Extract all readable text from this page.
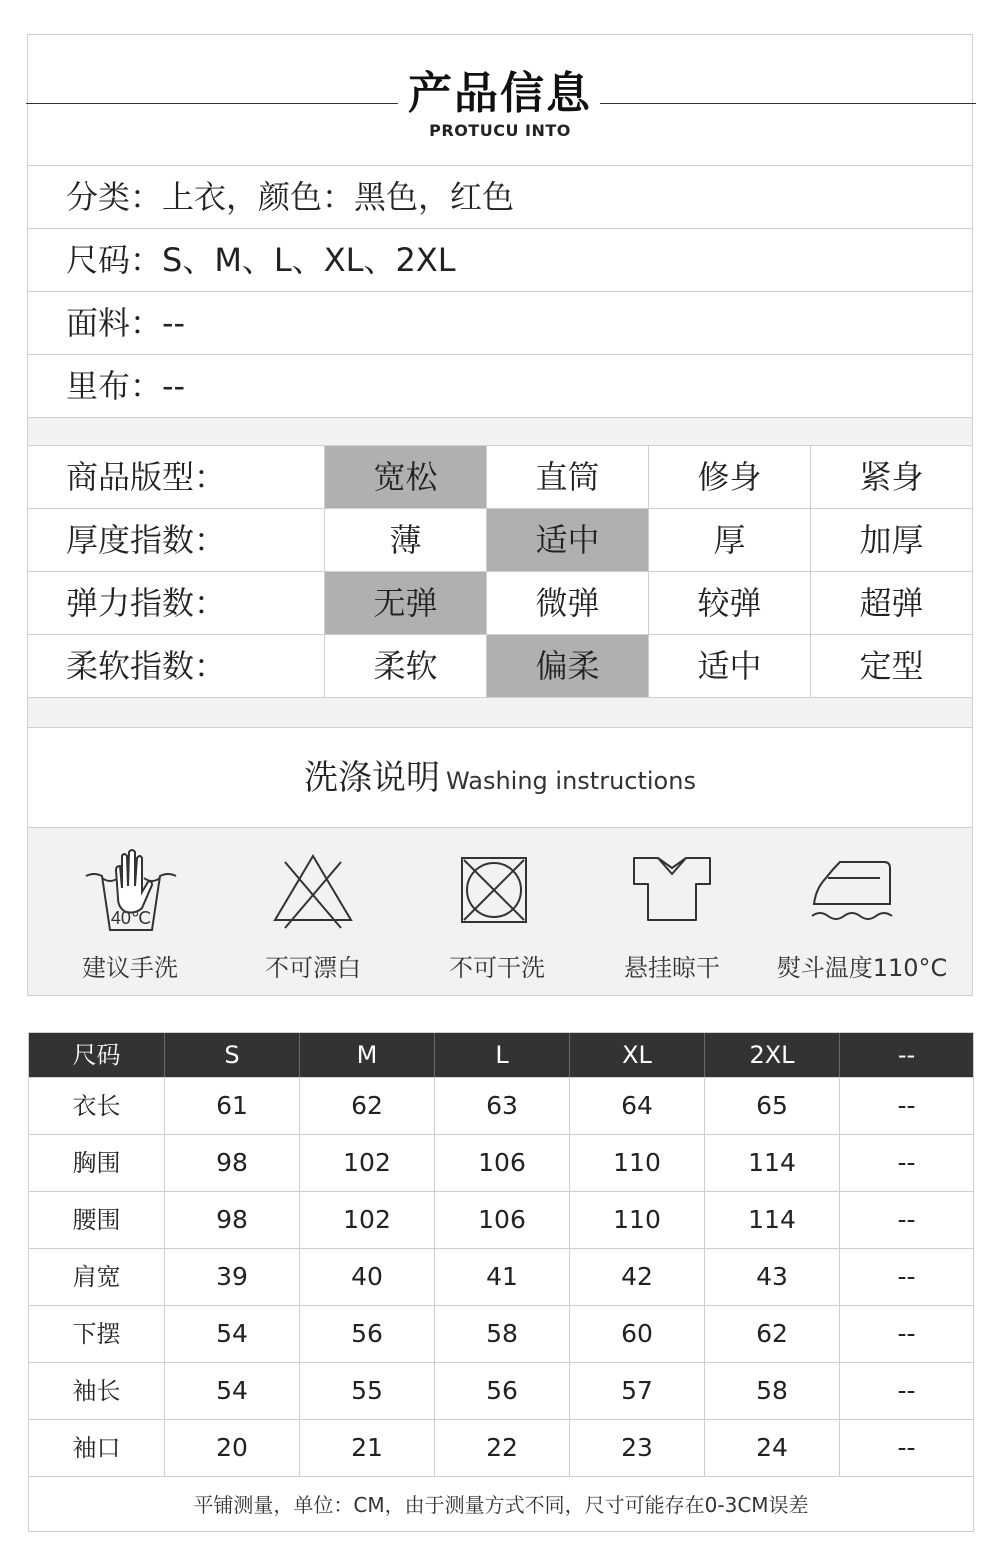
产品信息
PROTUCU INTO
分类：上衣，颜色：黑色，红色
尺码：S、M、L、XL、2XL
面料：--
里布：--
商品版型：	宽松	直筒	修身	紧身
厚度指数：	薄	适中	厚	加厚
弹力指数：	无弹	微弹	较弹	超弹
柔软指数：	柔软	偏柔	适中	定型
洗涤说明 Washing instructions
40℃
建议手洗	不可漂白	不可干洗	悬挂晾干	熨斗温度110°C
尺码	S	M	L	XL	2XL	--
衣长	61	62	63	64	65	--
胸围	98	102	106	110	114	--
腰围	98	102	106	110	114	--
肩宽	39	40	41	42	43	--
下摆	54	56	58	60	62	--
袖长	54	55	56	57	58	--
袖口	20	21	22	23	24	--
平铺测量，单位：CM，由于测量方式不同，尺寸可能存在0-3CM误差
